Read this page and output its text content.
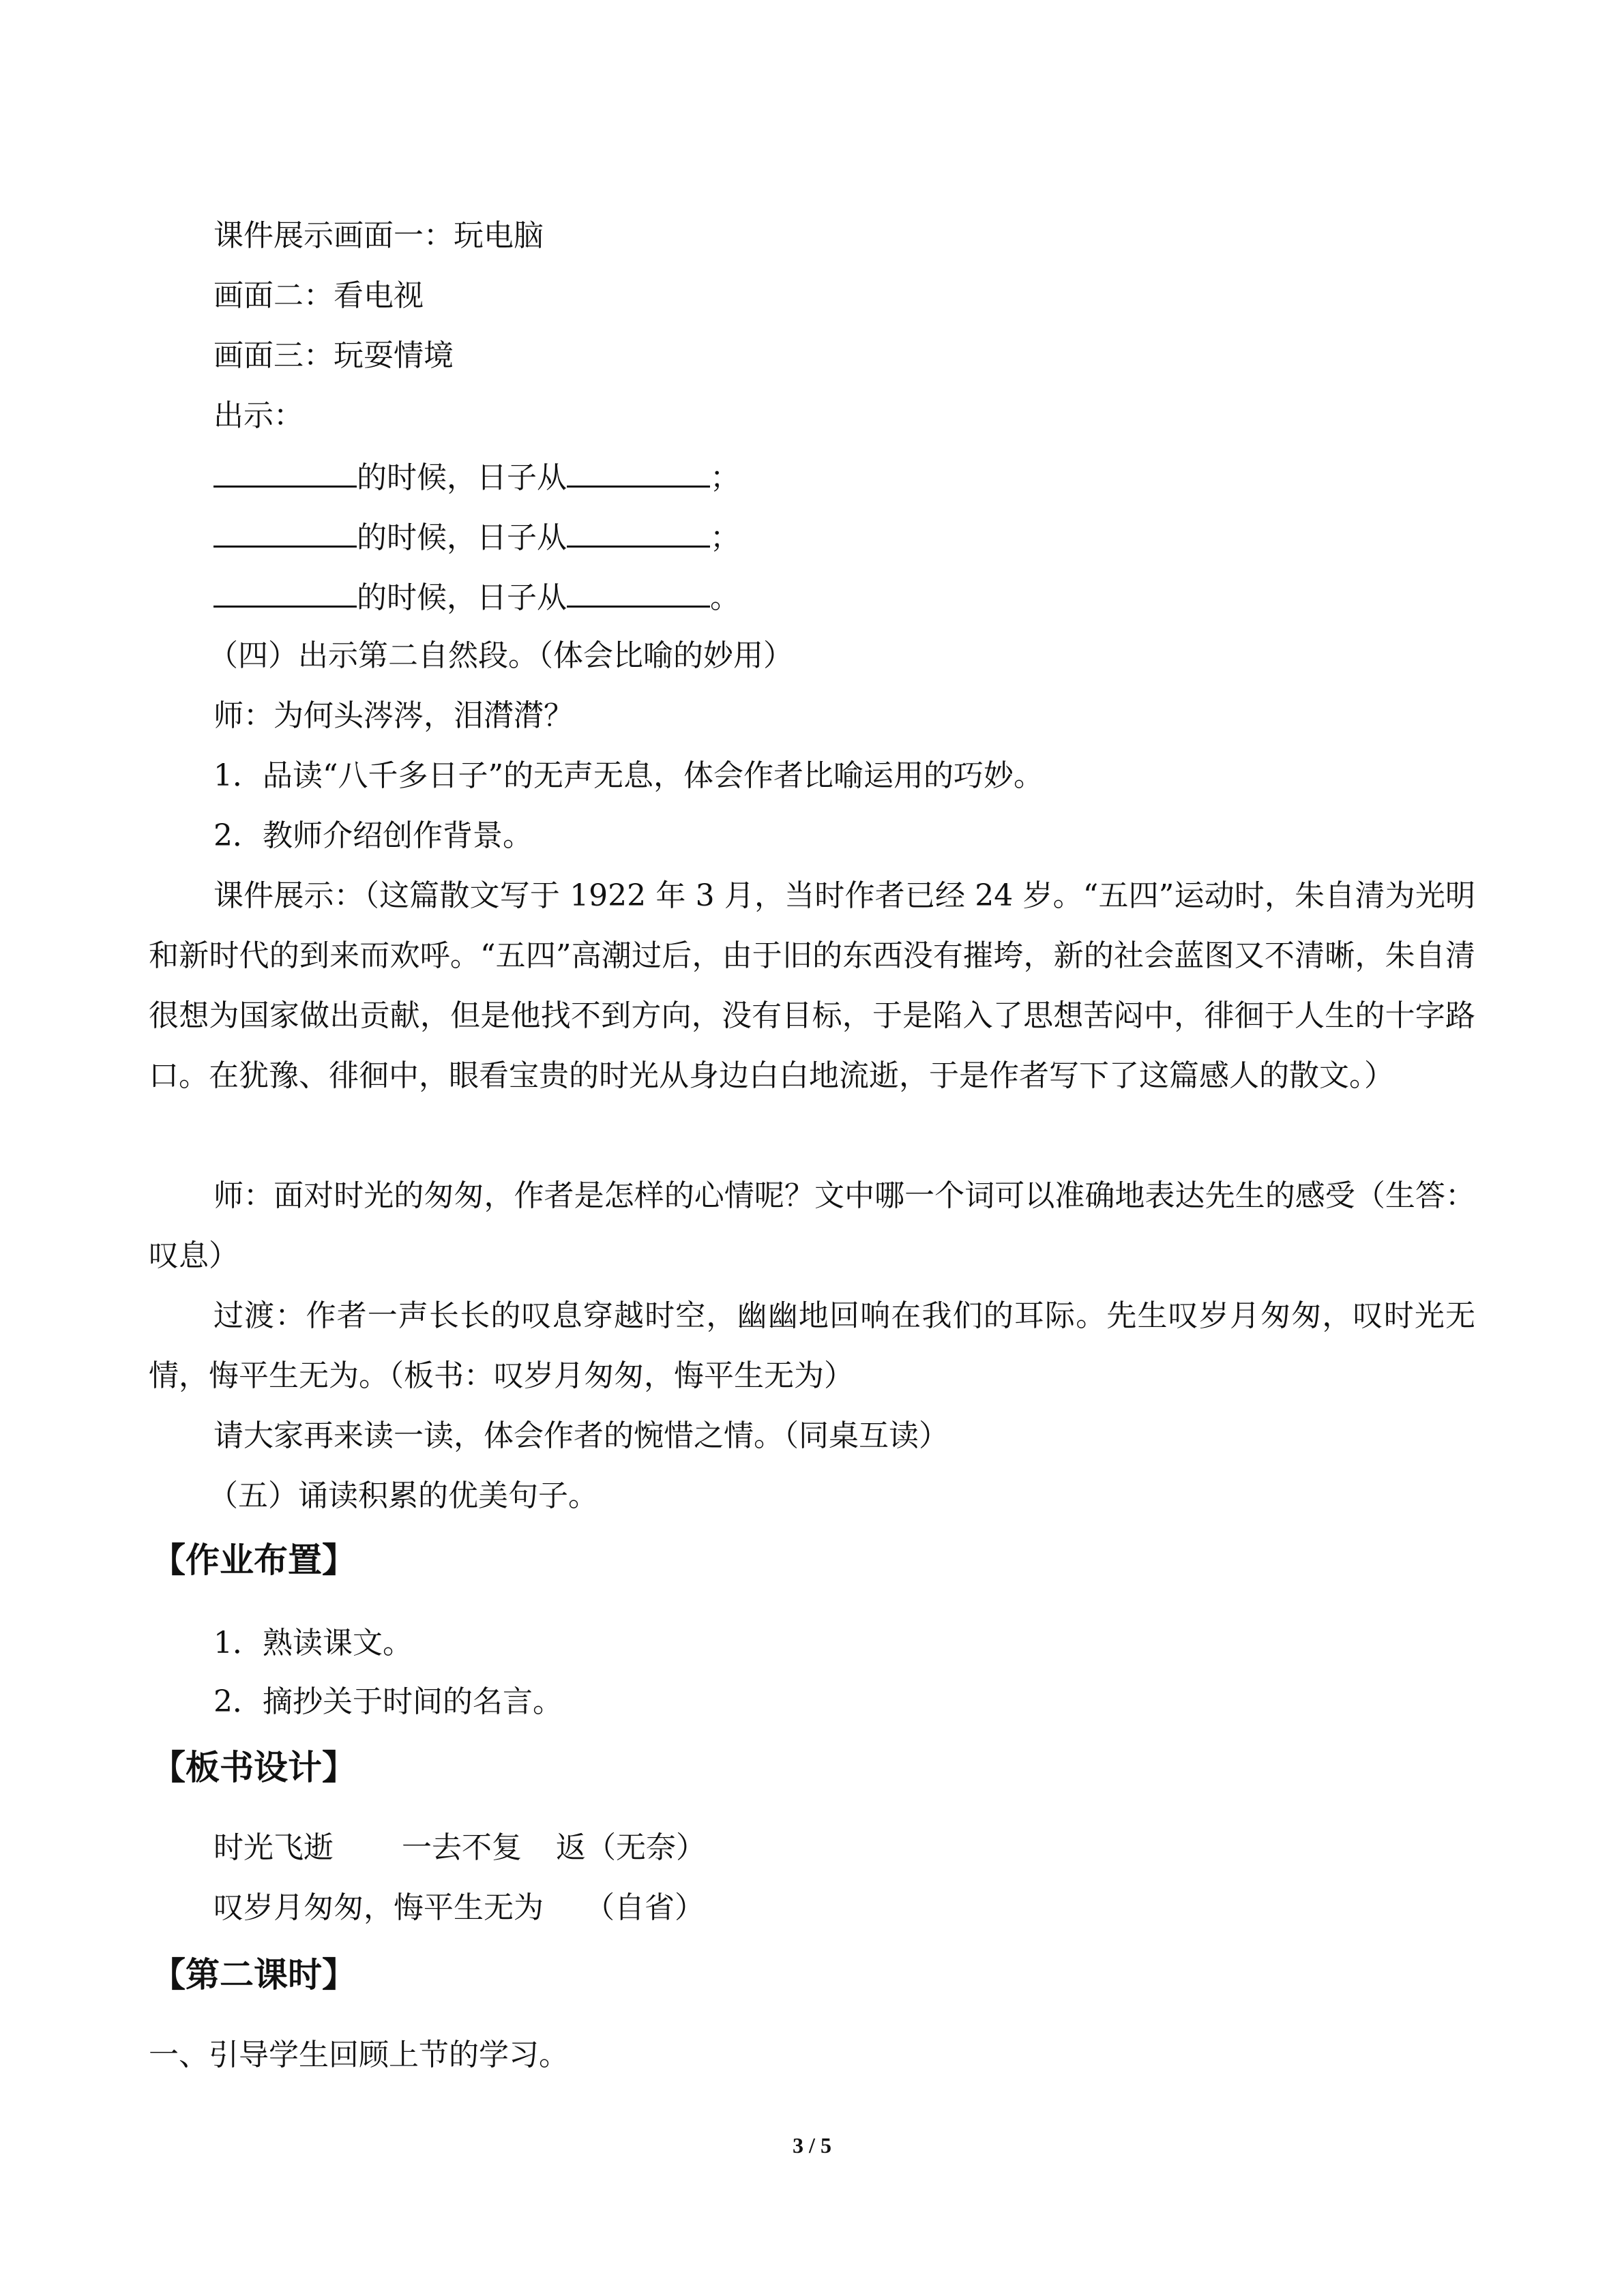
课件展示画面一：玩电脑
画面二：看电视
画面三：玩耍情境
出示：
的时候，日子从	；
的时候，日子从	；
的时候，日子从	。
（四）出示第二自然段。（体会比喻的妙用）
师：为何头涔涔，泪潸潸？
1．品读“八千多日子”的无声无息，体会作者比喻运用的巧妙。
2．教师介绍创作背景。
课件展示：（这篇散文写于 1922 年 3 月，当时作者已经 24 岁。“五四”运动时，朱自清为光明和新时代的到来而欢呼。“五四”高潮过后，由于旧的东西没有摧垮，新的社会蓝图又不清晰，朱自清很想为国家做出贡献，但是他找不到方向，没有目标，于是陷入了思想苦闷中，徘徊于人生的十字路口。在犹豫、徘徊中，眼看宝贵的时光从身边白白地流逝，于是作者写下了这篇感人的散文。）
师：面对时光的匆匆，作者是怎样的心情呢？文中哪一个词可以准确地表达先生的感受（生答：叹息）
过渡：作者一声长长的叹息穿越时空，幽幽地回响在我们的耳际。先生叹岁月匆匆，叹时光无情，悔平生无为。（板书：叹岁月匆匆，悔平生无为）
请大家再来读一读，体会作者的惋惜之情。（同桌互读）
（五）诵读积累的优美句子。
【作业布置】
1．熟读课文。
2．摘抄关于时间的名言。
【板书设计】
时光飞逝 一去不复 返（无奈）
叹岁月匆匆，悔平生无为 （自省）
【第二课时】
一、引导学生回顾上节的学习。
3 / 5
